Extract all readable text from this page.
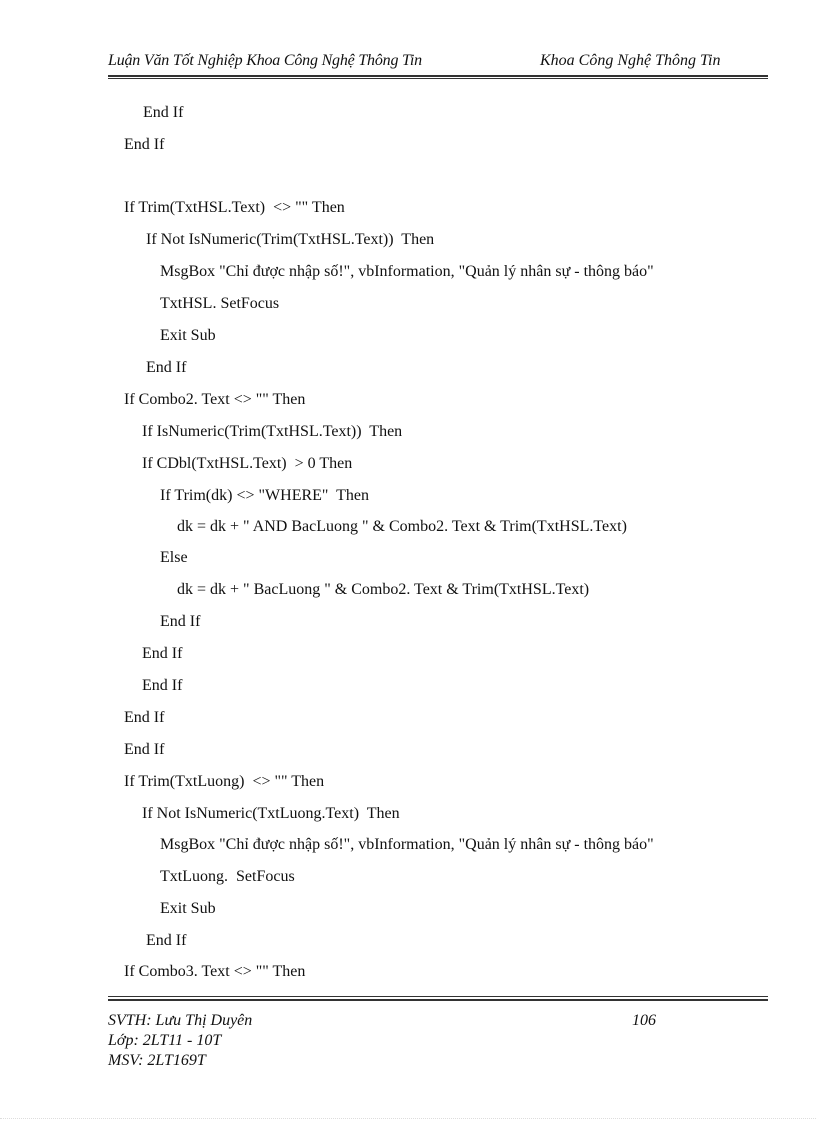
Luận Văn Tốt Nghiệp Khoa Công Nghệ Thông Tin	Khoa Công Nghệ Thông Tin
End If
End If
If Trim(TxtHSL.Text)  <> "" Then
If Not IsNumeric(Trim(TxtHSL.Text))  Then
MsgBox "Chỉ được nhập số!", vbInformation, "Quản lý nhân sự - thông báo"
TxtHSL. SetFocus
Exit Sub
End If
If Combo2. Text <> "" Then
If IsNumeric(Trim(TxtHSL.Text))  Then
If CDbl(TxtHSL.Text)  > 0 Then
If Trim(dk) <> "WHERE"  Then
dk = dk + " AND BacLuong " & Combo2. Text & Trim(TxtHSL.Text)
Else
dk = dk + " BacLuong " & Combo2. Text & Trim(TxtHSL.Text)
End If
End If
End If
End If
End If
If Trim(TxtLuong)  <> "" Then
If Not IsNumeric(TxtLuong.Text)  Then
MsgBox "Chỉ được nhập số!", vbInformation, "Quản lý nhân sự - thông báo"
TxtLuong.  SetFocus
Exit Sub
End If
If Combo3. Text <> "" Then
SVTH: Lưu Thị Duyên
Lớp: 2LT11 - 10T
MSV: 2LT169T
106
